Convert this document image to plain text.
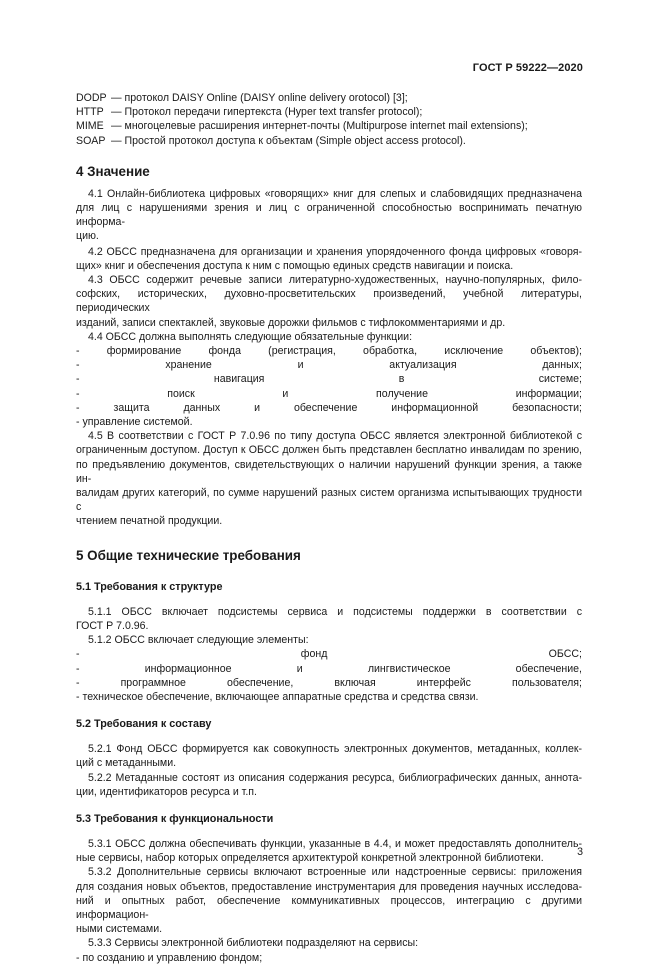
ГОСТ Р 59222—2020
DODP — протокол DAISY Online (DAISY online delivery orotocol) [3];
HTTP — Протокол передачи гипертекста (Hyper text transfer protocol);
MIME — многоцелевые расширения интернет-почты (Multipurpose internet mail extensions);
SOAP — Простой протокол доступа к объектам (Simple object access protocol).
4 Значение
4.1 Онлайн-библиотека цифровых «говорящих» книг для слепых и слабовидящих предназначена
для лиц с нарушениями зрения и лиц с ограниченной способностью воспринимать печатную информа-
цию.
4.2 ОБСС предназначена для организации и хранения упорядоченного фонда цифровых «говоря-
щих» книг и обеспечения доступа к ним с помощью единых средств навигации и поиска.
4.3 ОБСС содержит речевые записи литературно-художественных, научно-популярных, фило-
софских, исторических, духовно-просветительских произведений, учебной литературы, периодических
изданий, записи спектаклей, звуковые дорожки фильмов с тифлокомментариями и др.
4.4 ОБСС должна выполнять следующие обязательные функции:
- формирование фонда (регистрация, обработка, исключение объектов);
- хранение и актуализация данных;
- навигация в системе;
- поиск и получение информации;
- защита данных и обеспечение информационной безопасности;
- управление системой.
4.5 В соответствии с ГОСТ Р 7.0.96 по типу доступа ОБСС является электронной библиотекой с
ограниченным доступом. Доступ к ОБСС должен быть представлен бесплатно инвалидам по зрению,
по предъявлению документов, свидетельствующих о наличии нарушений функции зрения, а также ин-
валидам других категорий, по сумме нарушений разных систем организма испытывающих трудности с
чтением печатной продукции.
5 Общие технические требования
5.1 Требования к структуре
5.1.1 ОБСС включает подсистемы сервиса и подсистемы поддержки в соответствии с
ГОСТ Р 7.0.96.
5.1.2 ОБСС включает следующие элементы:
- фонд ОБСС;
- информационное и лингвистическое обеспечение,
- программное обеспечение, включая интерфейс пользователя;
- техническое обеспечение, включающее аппаратные средства и средства связи.
5.2 Требования к составу
5.2.1 Фонд ОБСС формируется как совокупность электронных документов, метаданных, коллек-
ций с метаданными.
5.2.2 Метаданные состоят из описания содержания ресурса, библиографических данных, аннота-
ции, идентификаторов ресурса и т.п.
5.3 Требования к функциональности
5.3.1 ОБСС должна обеспечивать функции, указанные в 4.4, и может предоставлять дополнитель-
ные сервисы, набор которых определяется архитектурой конкретной электронной библиотеки.
5.3.2 Дополнительные сервисы включают встроенные или надстроенные сервисы: приложения
для создания новых объектов, предоставление инструментария для проведения научных исследова-
ний и опытных работ, обеспечение коммуникативных процессов, интеграцию с другими информацион-
ными системами.
5.3.3 Сервисы электронной библиотеки подразделяют на сервисы:
- по созданию и управлению фондом;
3
